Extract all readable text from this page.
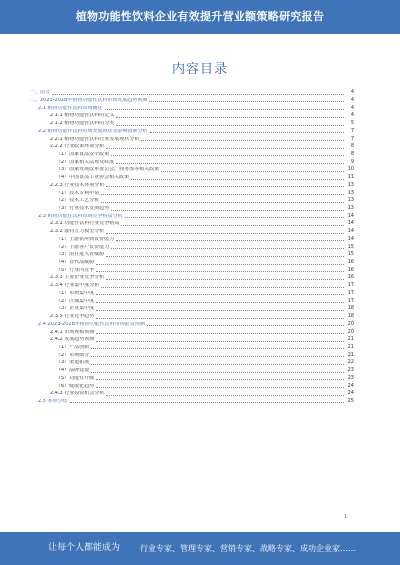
植物功能性饮料企业有效提升营业额策略研究报告
内容目录
一、前言	4
二、2023-2028年植物功能性饮料市场发展趋势预测	4
2.1 植物功能性饮料市场概述	4
2.1.1 植物功能性饮料的定义	4
2.1.2 植物功能性饮料的分类	5
2.2 植物功能性饮料市场发展现状及影响因素分析	7
2.2.1 植物功能性饮料行业发展现状分析	7
2.2.2 行业政策环境分析	8
（1）国家食品安全政策	8
（2）国家相关法规及标准	9
（3）国家发展改革委员会、商务部等相关政策	10
（4）中国食品工业协会相关政策	11
2.2.3 行业技术环境分析	13
（1）技术专利申请	13
（2）技术工艺分析	13
（3）行业技术发展趋势	13
2.3 植物功能性饮料市场竞争格局分析	14
2.3.1 功能性饮料行业竞争格局	14
2.3.2 波特五力模型分析	14
（1）上游供应商议价能力	14
（2）下游客户议价能力	15
（3）潜在进入者威胁	15
（4）替代品威胁	16
（5）行业内竞争	16
2.3.3 主要企业竞争分析	16
2.3.4 行业集中度分析	17
（1）市场集中度	17
（2）区域集中度	17
（3）企业集中度	18
2.3.5 行业竞争趋势	18
2.4 2023-2028年植物功能性饮料市场前景预测	20
2.4.1 市场规模预测	20
2.4.2 发展趋势预测	21
（1）产品创新	21
（2）市场细分	21
（3）渠道拓展	22
（4）品牌建设	23
（5）功能性升级	23
（6）健康化趋势	24
2.4.3 行业投资机会分析	24
2.5 本章小结	25
1
让每个人都能成为 行业专家、管理专家、营销专家、战略专家、成功企业家……
